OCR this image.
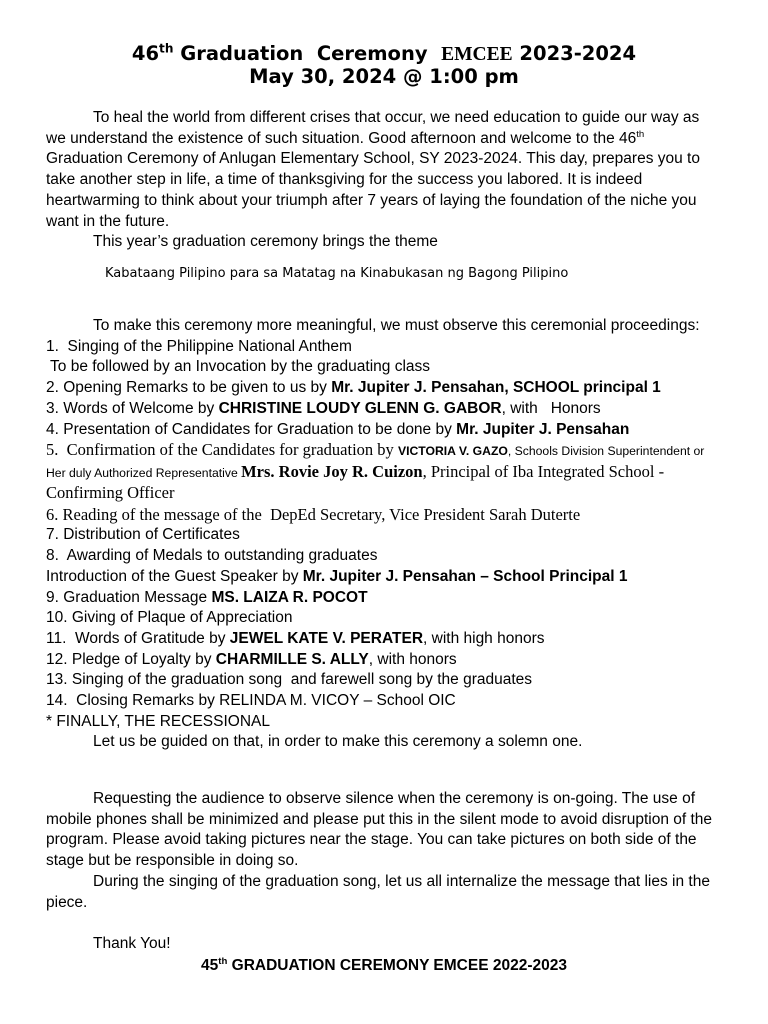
46th Graduation  Ceremony  EMCEE 2023-2024
May 30, 2024 @ 1:00 pm

To heal the world from different crises that occur, we need education to guide our way as we understand the existence of such situation. Good afternoon and welcome to the 46th  Graduation Ceremony of Anlugan Elementary School, SY 2023-2024. This day, prepares you to take another step in life, a time of thanksgiving for the success you labored. It is indeed heartwarming to think about your triumph after 7 years of laying the foundation of the niche you want in the future.

This year’s graduation ceremony brings the theme

Kabataang Pilipino para sa Matatag na Kinabukasan ng Bagong Pilipino

To make this ceremony more meaningful, we must observe this ceremonial proceedings:

1.  Singing of the Philippine National Anthem

To be followed by an Invocation by the graduating class

2. Opening Remarks to be given to us by Mr. Jupiter J. Pensahan, SCHOOL principal 1

3. Words of Welcome by CHRISTINE LOUDY GLENN G. GABOR, with   Honors

4. Presentation of Candidates for Graduation to be done by Mr. Jupiter J. Pensahan

5.  Confirmation of the Candidates for graduation by VICTORIA V. GAZO, Schools Division Superintendent or Her duly Authorized Representative Mrs. Rovie Joy R. Cuizon, Principal of Iba Integrated School - Confirming Officer

6. Reading of the message of the  DepEd Secretary, Vice President Sarah Duterte

7. Distribution of Certificates

8.  Awarding of Medals to outstanding graduates

Introduction of the Guest Speaker by Mr. Jupiter J. Pensahan – School Principal 1

9. Graduation Message MS. LAIZA R. POCOT

10. Giving of Plaque of Appreciation

11.  Words of Gratitude by JEWEL KATE V. PERATER, with high honors

12. Pledge of Loyalty by CHARMILLE S. ALLY, with honors

13. Singing of the graduation song  and farewell song by the graduates

14.  Closing Remarks by RELINDA M. VICOY – School OIC

* FINALLY, THE RECESSIONAL

Let us be guided on that, in order to make this ceremony a solemn one.

Requesting the audience to observe silence when the ceremony is on-going. The use of mobile phones shall be minimized and please put this in the silent mode to avoid disruption of the program. Please avoid taking pictures near the stage. You can take pictures on both side of the stage but be responsible in doing so.

During the singing of the graduation song, let us all internalize the message that lies in the piece.

Thank You!
45th GRADUATION CEREMONY EMCEE 2022-2023
